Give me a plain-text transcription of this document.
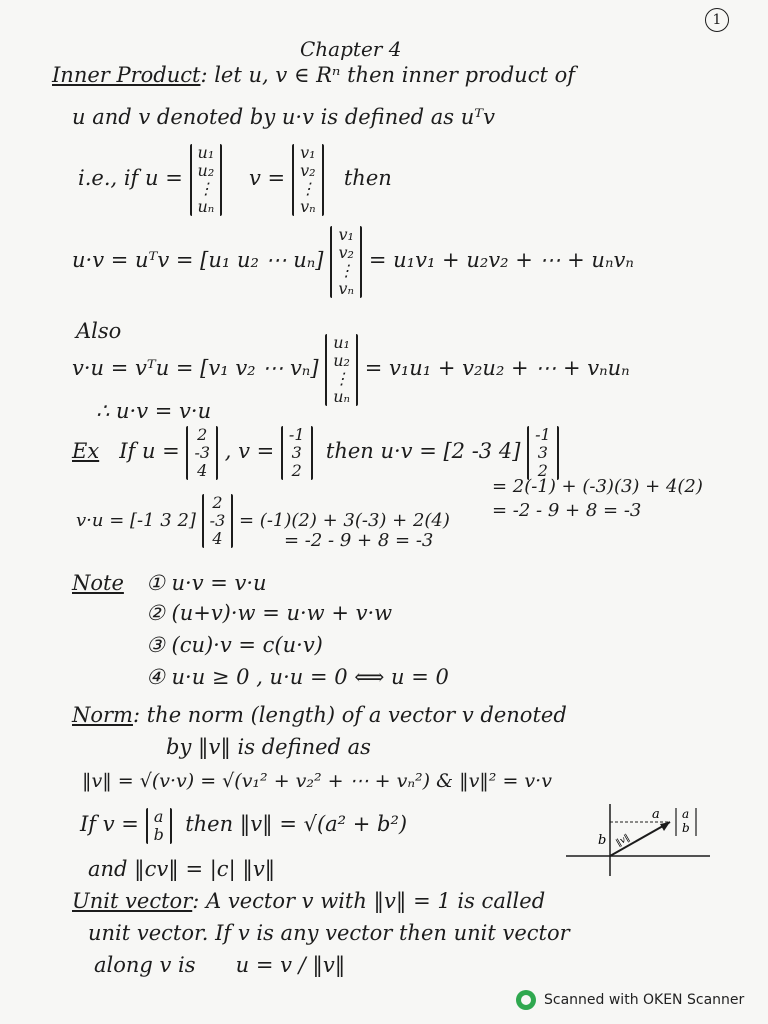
1
Chapter 4
Inner Product: let u, v ∈ Rⁿ then inner product of
u and v denoted by u·v is defined as uᵀv
i.e., if u =
u₁
u₂
⋮
uₙ
v =
v₁
v₂
⋮
vₙ
then
u·v = uᵀv = [u₁ u₂ ⋯ uₙ]
v₁
v₂
⋮
vₙ
= u₁v₁ + u₂v₂ + ⋯ + uₙvₙ
Also
v·u = vᵀu = [v₁ v₂ ⋯ vₙ]
u₁
u₂
⋮
uₙ
= v₁u₁ + v₂u₂ + ⋯ + vₙuₙ
∴ u·v = v·u
Ex If u =
2
-3
4
, v =
-1
3
2
then u·v = [2 -3 4]
-1
3
2
= 2(-1) + (-3)(3) + 4(2)
= -2 - 9 + 8 = -3
v·u = [-1 3 2]
2
-3
4
= (-1)(2) + 3(-3) + 2(4)
= -2 - 9 + 8 = -3
Note ① u·v = v·u
② (u+v)·w = u·w + v·w
③ (cu)·v = c(u·v)
④ u·u ≥ 0 , u·u = 0 ⟺ u = 0
Norm: the norm (length) of a vector v denoted
by ‖v‖ is defined as
‖v‖ = √(v·v) = √(v₁² + v₂² + ⋯ + vₙ²) & ‖v‖² = v·v
If v = a
b then ‖v‖ = √(a² + b²)	a
b ‖v‖
a
b
and ‖cv‖ = |c| ‖v‖
Unit vector: A vector v with ‖v‖ = 1 is called
unit vector. If v is any vector then unit vector
along v is u = v / ‖v‖
Scanned with OKEN Scanner
